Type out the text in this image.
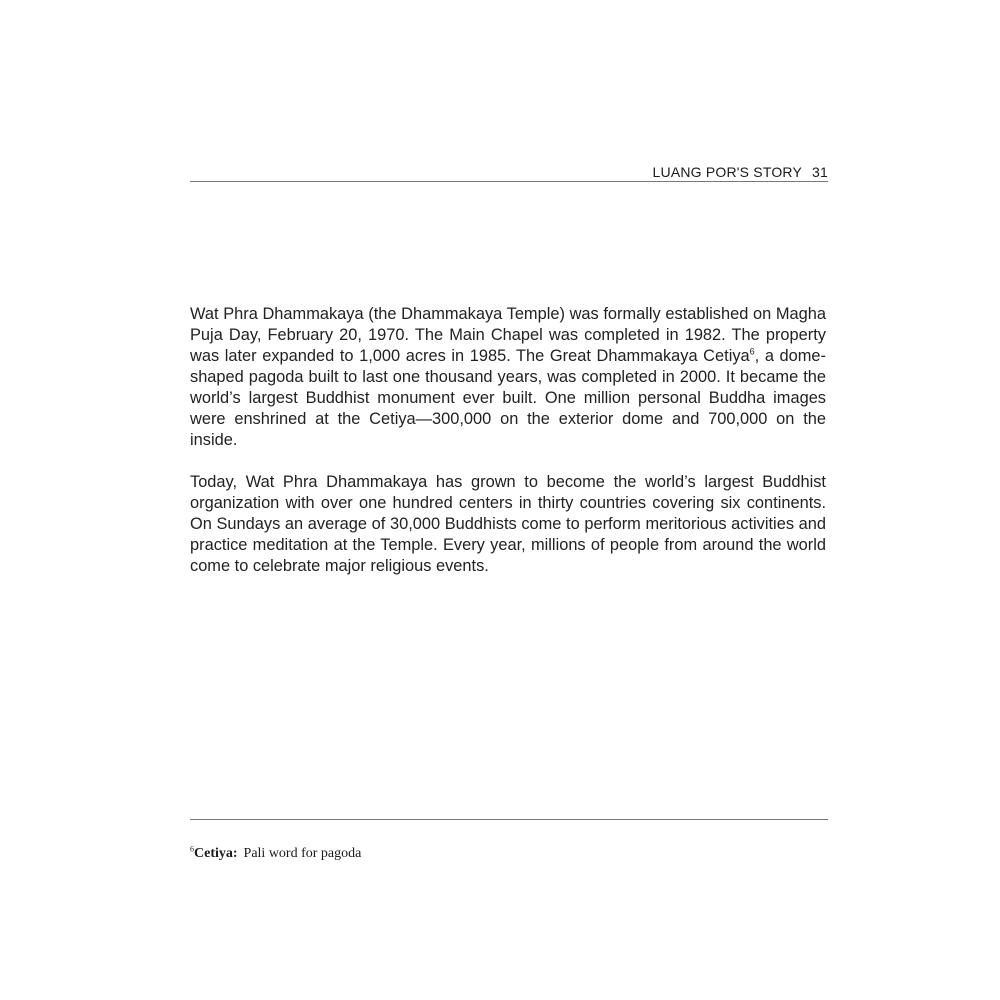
LUANG POR'S STORY 31

Wat Phra Dhammakaya (the Dhammakaya Temple) was formally established on Magha Puja Day, February 20, 1970. The Main Chapel was completed in 1982. The property was later expanded to 1,000 acres in 1985. The Great Dhammakaya Cetiya$^6$, a dome-shaped pagoda built to last one thousand years, was completed in 2000. It became the world’s largest Buddhist monument ever built. One million personal Buddha images were enshrined at the Cetiya—300,000 on the exterior dome and 700,000 on the inside.

Today, Wat Phra Dhammakaya has grown to become the world’s largest Buddhist organization with over one hundred centers in thirty countries covering six continents. On Sundays an average of 30,000 Buddhists come to perform meritorious activities and practice meditation at the Temple. Every year, millions of people from around the world come to celebrate major religious events.

$^6$Cetiya: Pali word for pagoda
